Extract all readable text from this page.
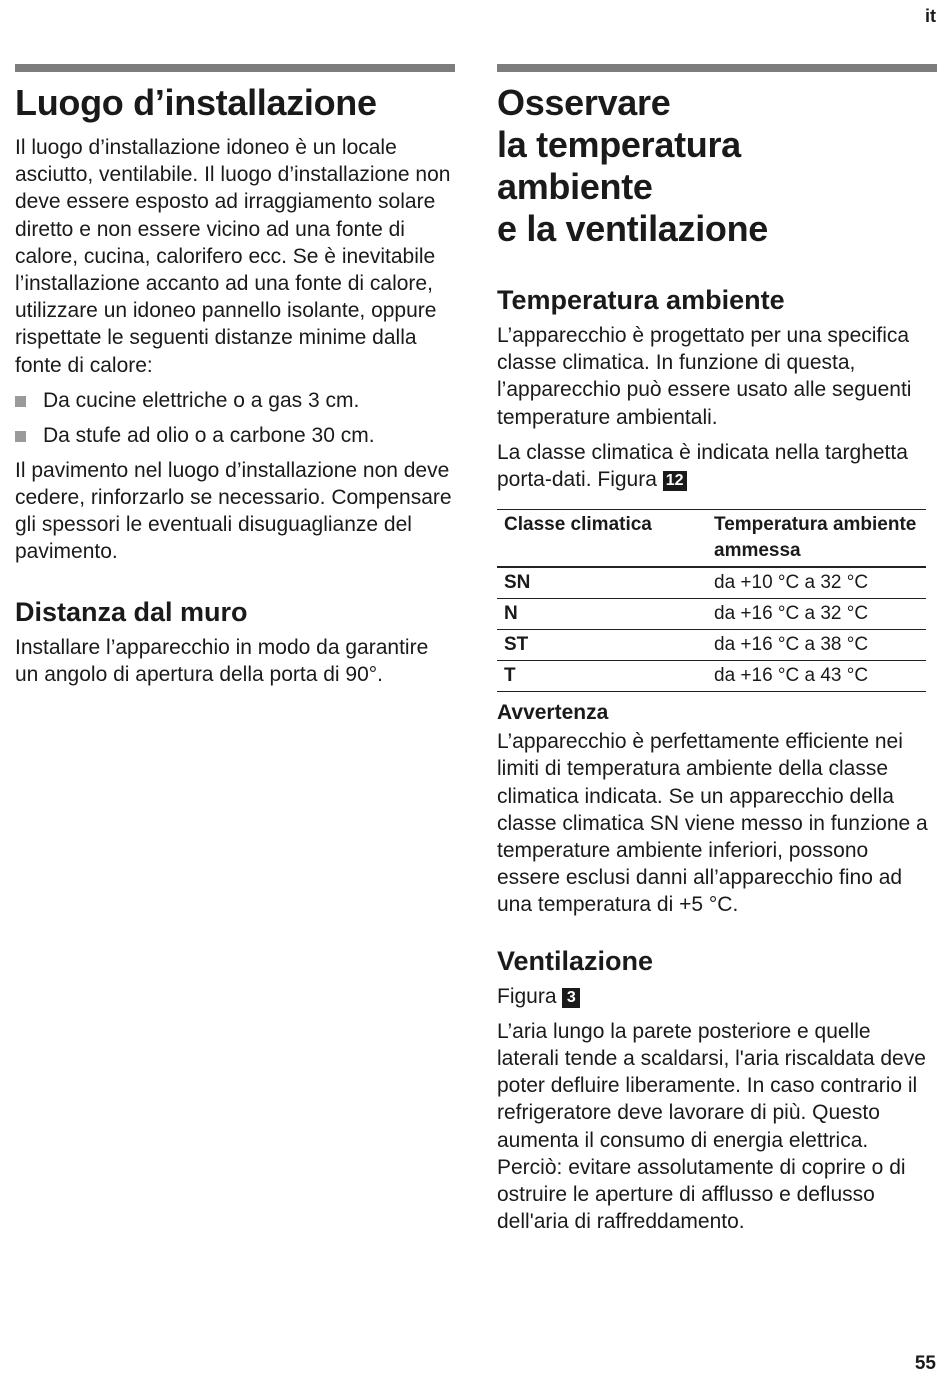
it
Luogo d’installazione

Il luogo d’installazione idoneo è un locale asciutto, ventilabile. Il luogo d’installazione non deve essere esposto ad irraggiamento solare diretto e non essere vicino ad una fonte di calore, cucina, calorifero ecc. Se è inevitabile l’installazione accanto ad una fonte di calore, utilizzare un idoneo pannello isolante, oppure rispettate le seguenti distanze minime dalla fonte di calore:

Da cucine elettriche o a gas 3 cm.
Da stufe ad olio o a carbone 30 cm.

Il pavimento nel luogo d’installazione non deve cedere, rinforzarlo se necessario. Compensare gli spessori le eventuali disuguaglianze del pavimento.

Distanza dal muro

Installare l’apparecchio in modo da garantire un angolo di apertura della porta di 90°.

Osservare
la temperatura
ambiente
e la ventilazione
Temperatura ambiente

L’apparecchio è progettato per una specifica classe climatica. In funzione di questa, l’apparecchio può essere usato alle seguenti temperature ambientali.

La classe climatica è indicata nella targhetta porta-dati. Figura 12

Classe climatica	Temperatura ambiente ammessa
SN	da +10 °C a 32 °C
N	da +16 °C a 32 °C
ST	da +16 °C a 38 °C
T	da +16 °C a 43 °C
Avvertenza

L’apparecchio è perfettamente efficiente nei limiti di temperatura ambiente della classe climatica indicata. Se un apparecchio della classe climatica SN viene messo in funzione a temperature ambiente inferiori, possono essere esclusi danni all’apparecchio fino ad una temperatura di +5 °C.

Ventilazione

Figura 3

L’aria lungo la parete posteriore e quelle laterali tende a scaldarsi, l'aria riscaldata deve poter defluire liberamente. In caso contrario il refrigeratore deve lavorare di più. Questo aumenta il consumo di energia elettrica. Perciò: evitare assolutamente di coprire o di ostruire le aperture di afflusso e deflusso dell'aria di raffreddamento.

55
